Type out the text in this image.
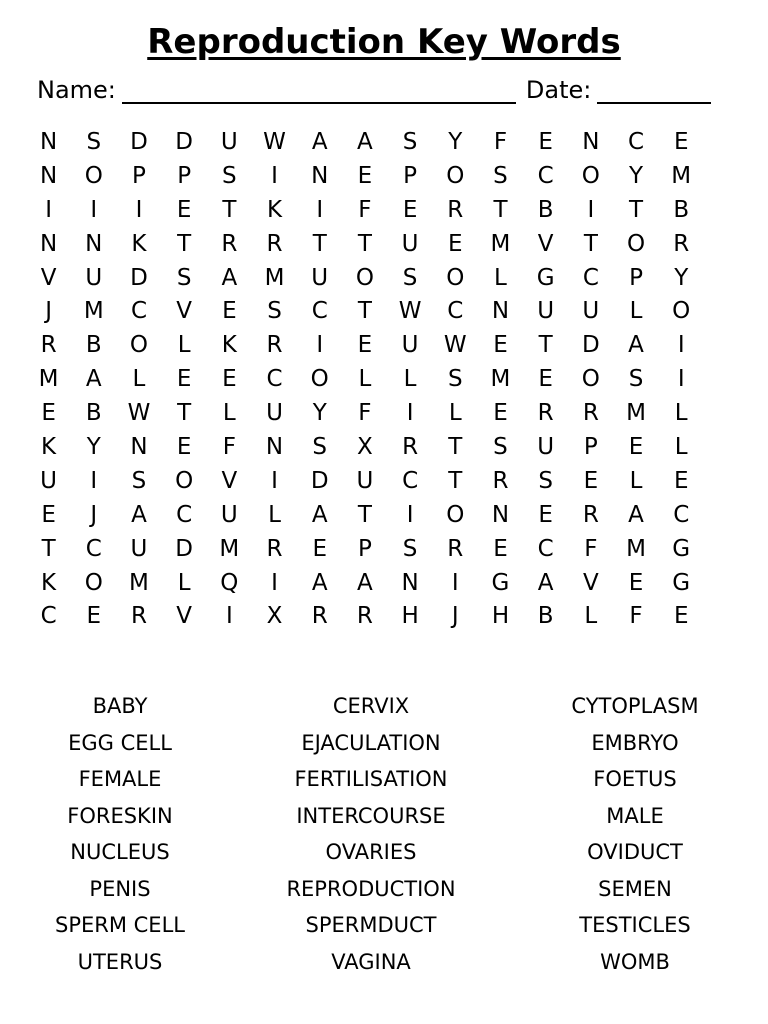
Reproduction Key Words
Name:	Date:
N	S	D	D	U	W	A	A	S	Y	F	E	N	C	E
N	O	P	P	S	I	N	E	P	O	S	C	O	Y	M
I	I	I	E	T	K	I	F	E	R	T	B	I	T	B
N	N	K	T	R	R	T	T	U	E	M	V	T	O	R
V	U	D	S	A	M	U	O	S	O	L	G	C	P	Y
J	M	C	V	E	S	C	T	W	C	N	U	U	L	O
R	B	O	L	K	R	I	E	U	W	E	T	D	A	I
M	A	L	E	E	C	O	L	L	S	M	E	O	S	I
E	B	W	T	L	U	Y	F	I	L	E	R	R	M	L
K	Y	N	E	F	N	S	X	R	T	S	U	P	E	L
U	I	S	O	V	I	D	U	C	T	R	S	E	L	E
E	J	A	C	U	L	A	T	I	O	N	E	R	A	C
T	C	U	D	M	R	E	P	S	R	E	C	F	M	G
K	O	M	L	Q	I	A	A	N	I	G	A	V	E	G
C	E	R	V	I	X	R	R	H	J	H	B	L	F	E
BABY	CERVIX	CYTOPLASM
EGG CELL	EJACULATION	EMBRYO
FEMALE	FERTILISATION	FOETUS
FORESKIN	INTERCOURSE	MALE
NUCLEUS	OVARIES	OVIDUCT
PENIS	REPRODUCTION	SEMEN
SPERM CELL	SPERMDUCT	TESTICLES
UTERUS	VAGINA	WOMB
